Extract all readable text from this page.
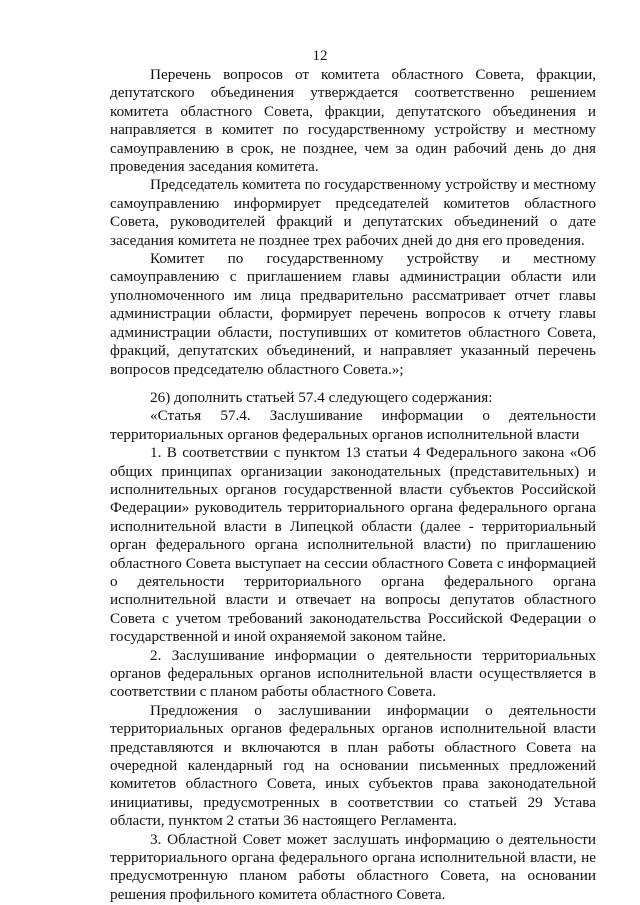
12

Перечень вопросов от комитета областного Совета, фракции, депутатского объединения утверждается соответственно решением комитета областного Совета, фракции, депутатского объединения и направляется в комитет по государственному устройству и местному самоуправлению в срок, не позднее, чем за один рабочий день до дня проведения заседания комитета.

Председатель комитета по государственному устройству и местному самоуправлению информирует председателей комитетов областного Совета, руководителей фракций и депутатских объединений о дате заседания комитета не позднее трех рабочих дней до дня его проведения.

Комитет по государственному устройству и местному самоуправлению с приглашением главы администрации области или уполномоченного им лица предварительно рассматривает отчет главы администрации области, формирует перечень вопросов к отчету главы администрации области, поступивших от комитетов областного Совета, фракций, депутатских объединений, и направляет указанный перечень вопросов председателю областного Совета.»;

26) дополнить статьей 57.4 следующего содержания:

«Статья 57.4. Заслушивание информации о деятельности территориальных органов федеральных органов исполнительной власти

1. В соответствии с пунктом 13 статьи 4 Федерального закона «Об общих принципах организации законодательных (представительных) и исполнительных органов государственной власти субъектов Российской Федерации» руководитель территориального органа федерального органа исполнительной власти в Липецкой области (далее - территориальный орган федерального органа исполнительной власти) по приглашению областного Совета выступает на сессии областного Совета с информацией о деятельности территориального органа федерального органа исполнительной власти и отвечает на вопросы депутатов областного Совета с учетом требований законодательства Российской Федерации о государственной и иной охраняемой законом тайне.

2. Заслушивание информации о деятельности территориальных органов федеральных органов исполнительной власти осуществляется в соответствии с планом работы областного Совета.

Предложения о заслушивании информации о деятельности территориальных органов федеральных органов исполнительной власти представляются и включаются в план работы областного Совета на очередной календарный год на основании письменных предложений комитетов областного Совета, иных субъектов права законодательной инициативы, предусмотренных в соответствии со статьей 29 Устава области, пунктом 2 статьи 36 настоящего Регламента.

3. Областной Совет может заслушать информацию о деятельности территориального органа федерального органа исполнительной власти, не предусмотренную планом работы областного Совета, на основании решения профильного комитета областного Совета.
